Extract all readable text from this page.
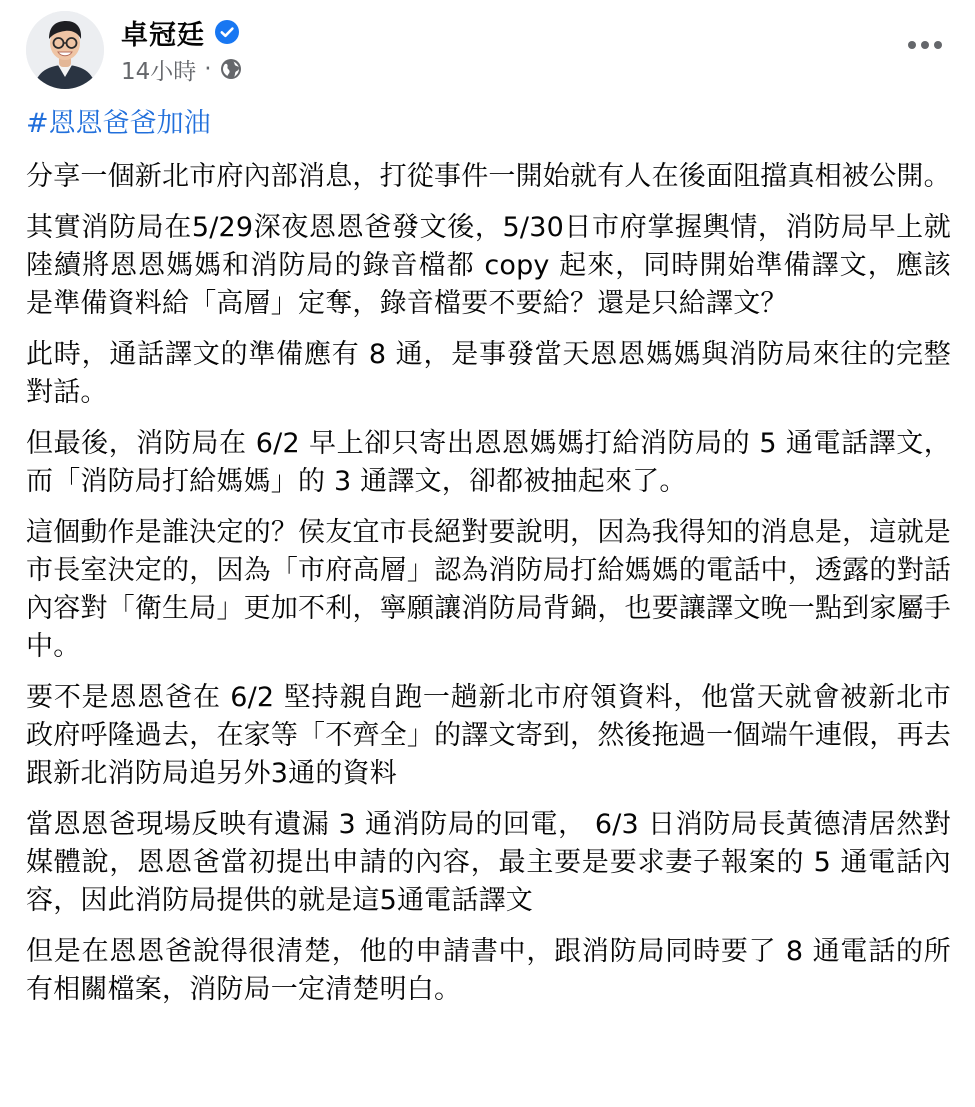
卓冠廷
14小時 ·
#恩恩爸爸加油

分享一個新北市府內部消息，打從事件一開始就有人在後面阻擋真相被公開。

其實消防局在5/29深夜恩恩爸發文後，5/30日市府掌握輿情，消防局早上就陸續將恩恩媽媽和消防局的錄音檔都 copy 起來，同時開始準備譯文，應該是準備資料給「高層」定奪，錄音檔要不要給？還是只給譯文？

此時，通話譯文的準備應有 8 通，是事發當天恩恩媽媽與消防局來往的完整對話。

但最後，消防局在 6/2 早上卻只寄出恩恩媽媽打給消防局的 5 通電話譯文，而「消防局打給媽媽」的 3 通譯文，卻都被抽起來了。

這個動作是誰決定的？侯友宜市長絕對要說明，因為我得知的消息是，這就是市長室決定的，因為「市府高層」認為消防局打給媽媽的電話中，透露的對話內容對「衛生局」更加不利，寧願讓消防局背鍋，也要讓譯文晚一點到家屬手中。

要不是恩恩爸在 6/2 堅持親自跑一趟新北市府領資料，他當天就會被新北市政府呼隆過去，在家等「不齊全」的譯文寄到，然後拖過一個端午連假，再去跟新北消防局追另外3通的資料

當恩恩爸現場反映有遺漏 3 通消防局的回電， 6/3 日消防局長黃德清居然對媒體說，恩恩爸當初提出申請的內容，最主要是要求妻子報案的 5 通電話內容，因此消防局提供的就是這5通電話譯文

但是在恩恩爸說得很清楚，他的申請書中，跟消防局同時要了 8 通電話的所有相關檔案，消防局一定清楚明白。
